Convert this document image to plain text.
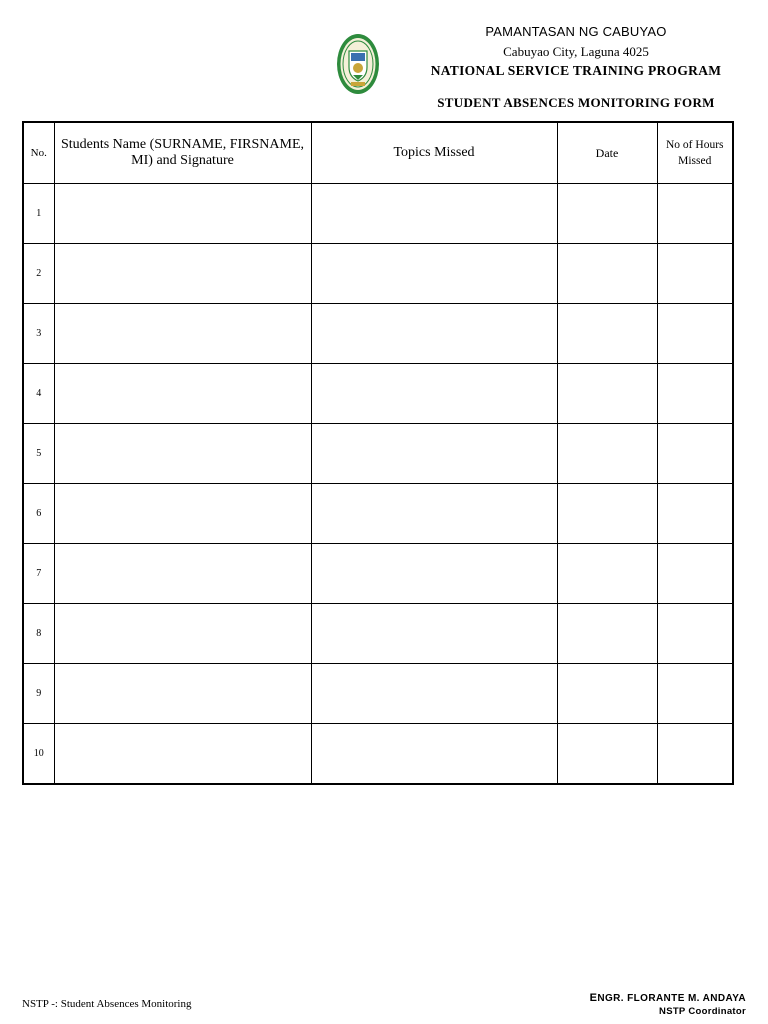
PAMANTASAN NG CABUYAO
Cabuyao City, Laguna 4025
NATIONAL SERVICE TRAINING PROGRAM
STUDENT ABSENCES MONITORING FORM
No.	Students Name (SURNAME, FIRSNAME, MI) and Signature	Topics Missed	Date	No of Hours Missed
1				
2				
3				
4				
5				
6				
7				
8				
9				
10				
NSTP -: Student Absences Monitoring	ENGR. FLORANTE M. ANDAYA
NSTP Coordinator
